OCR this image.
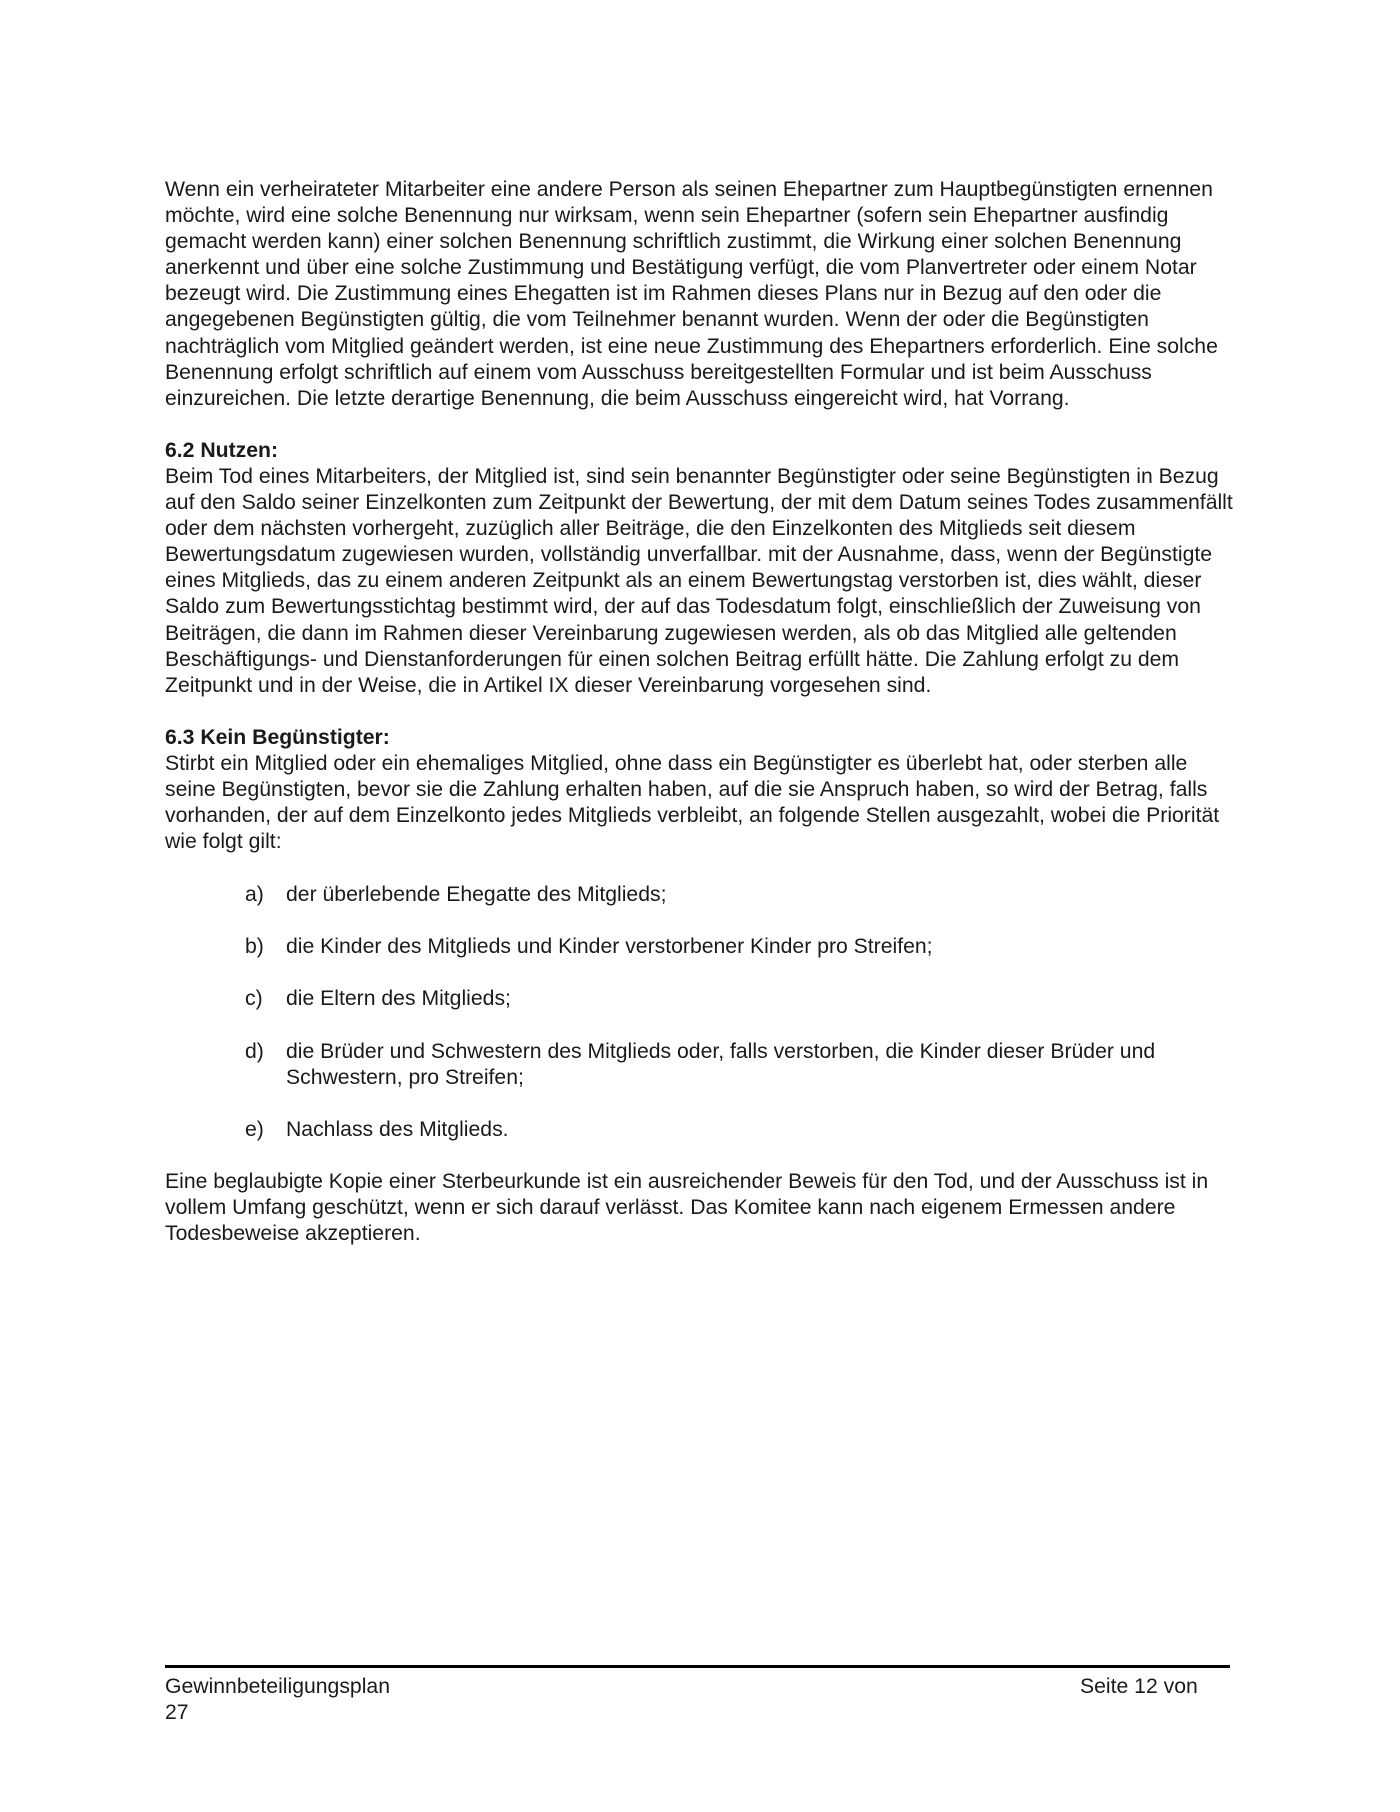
Wenn ein verheirateter Mitarbeiter eine andere Person als seinen Ehepartner zum Hauptbegünstigten ernennen möchte, wird eine solche Benennung nur wirksam, wenn sein Ehepartner (sofern sein Ehepartner ausfindig gemacht werden kann) einer solchen Benennung schriftlich zustimmt, die Wirkung einer solchen Benennung anerkennt und über eine solche Zustimmung und Bestätigung verfügt, die vom Planvertreter oder einem Notar bezeugt wird. Die Zustimmung eines Ehegatten ist im Rahmen dieses Plans nur in Bezug auf den oder die angegebenen Begünstigten gültig, die vom Teilnehmer benannt wurden. Wenn der oder die Begünstigten nachträglich vom Mitglied geändert werden, ist eine neue Zustimmung des Ehepartners erforderlich. Eine solche Benennung erfolgt schriftlich auf einem vom Ausschuss bereitgestellten Formular und ist beim Ausschuss einzureichen. Die letzte derartige Benennung, die beim Ausschuss eingereicht wird, hat Vorrang.

6.2 Nutzen:

Beim Tod eines Mitarbeiters, der Mitglied ist, sind sein benannter Begünstigter oder seine Begünstigten in Bezug auf den Saldo seiner Einzelkonten zum Zeitpunkt der Bewertung, der mit dem Datum seines Todes zusammenfällt oder dem nächsten vorhergeht, zuzüglich aller Beiträge, die den Einzelkonten des Mitglieds seit diesem Bewertungsdatum zugewiesen wurden, vollständig unverfallbar. mit der Ausnahme, dass, wenn der Begünstigte eines Mitglieds, das zu einem anderen Zeitpunkt als an einem Bewertungstag verstorben ist, dies wählt, dieser Saldo zum Bewertungsstichtag bestimmt wird, der auf das Todesdatum folgt, einschließlich der Zuweisung von Beiträgen, die dann im Rahmen dieser Vereinbarung zugewiesen werden, als ob das Mitglied alle geltenden Beschäftigungs- und Dienstanforderungen für einen solchen Beitrag erfüllt hätte. Die Zahlung erfolgt zu dem Zeitpunkt und in der Weise, die in Artikel IX dieser Vereinbarung vorgesehen sind.

6.3 Kein Begünstigter:

Stirbt ein Mitglied oder ein ehemaliges Mitglied, ohne dass ein Begünstigter es überlebt hat, oder sterben alle seine Begünstigten, bevor sie die Zahlung erhalten haben, auf die sie Anspruch haben, so wird der Betrag, falls vorhanden, der auf dem Einzelkonto jedes Mitglieds verbleibt, an folgende Stellen ausgezahlt, wobei die Priorität wie folgt gilt:

a)	der überlebende Ehegatte des Mitglieds;
b)	die Kinder des Mitglieds und Kinder verstorbener Kinder pro Streifen;
c)	die Eltern des Mitglieds;
d)	die Brüder und Schwestern des Mitglieds oder, falls verstorben, die Kinder dieser Brüder und Schwestern, pro Streifen;
e)	Nachlass des Mitglieds.

Eine beglaubigte Kopie einer Sterbeurkunde ist ein ausreichender Beweis für den Tod, und der Ausschuss ist in vollem Umfang geschützt, wenn er sich darauf verlässt. Das Komitee kann nach eigenem Ermessen andere Todesbeweise akzeptieren.

Gewinnbeteiligungsplan	Seite 12 von
27
